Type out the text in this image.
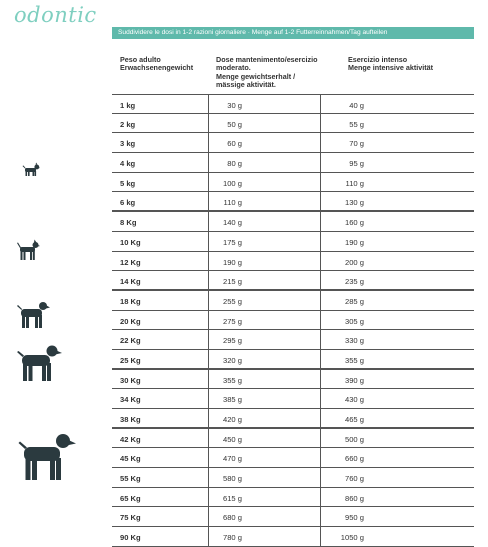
odontic
Suddividere le dosi in 1-2 razioni giornaliere · Menge auf 1-2 Futterreinnahmen/Tag aufteilen
Peso adulto
Erwachsenengewicht
Dose mantenimento/esercizio
moderato.
Menge gewichtserhalt /
mässige aktivität.
Esercizio intenso
Menge intensive aktivität
1 kg	30 g	40 g
2 kg	50 g	55 g
3 kg	60 g	70 g
4 kg	80 g	95 g
5 kg	100 g	110 g
6 kg	110 g	130 g
8 Kg	140 g	160 g
10 Kg	175 g	190 g
12 Kg	190 g	200 g
14 Kg	215 g	235 g
18 Kg	255 g	285 g
20 Kg	275 g	305 g
22 Kg	295 g	330 g
25 Kg	320 g	355 g
30 Kg	355 g	390 g
34 Kg	385 g	430 g
38 Kg	420 g	465 g
42 Kg	450 g	500 g
45 Kg	470 g	660 g
55 Kg	580 g	760 g
65 Kg	615 g	860 g
75 Kg	680 g	950 g
90 Kg	780 g	1050 g
